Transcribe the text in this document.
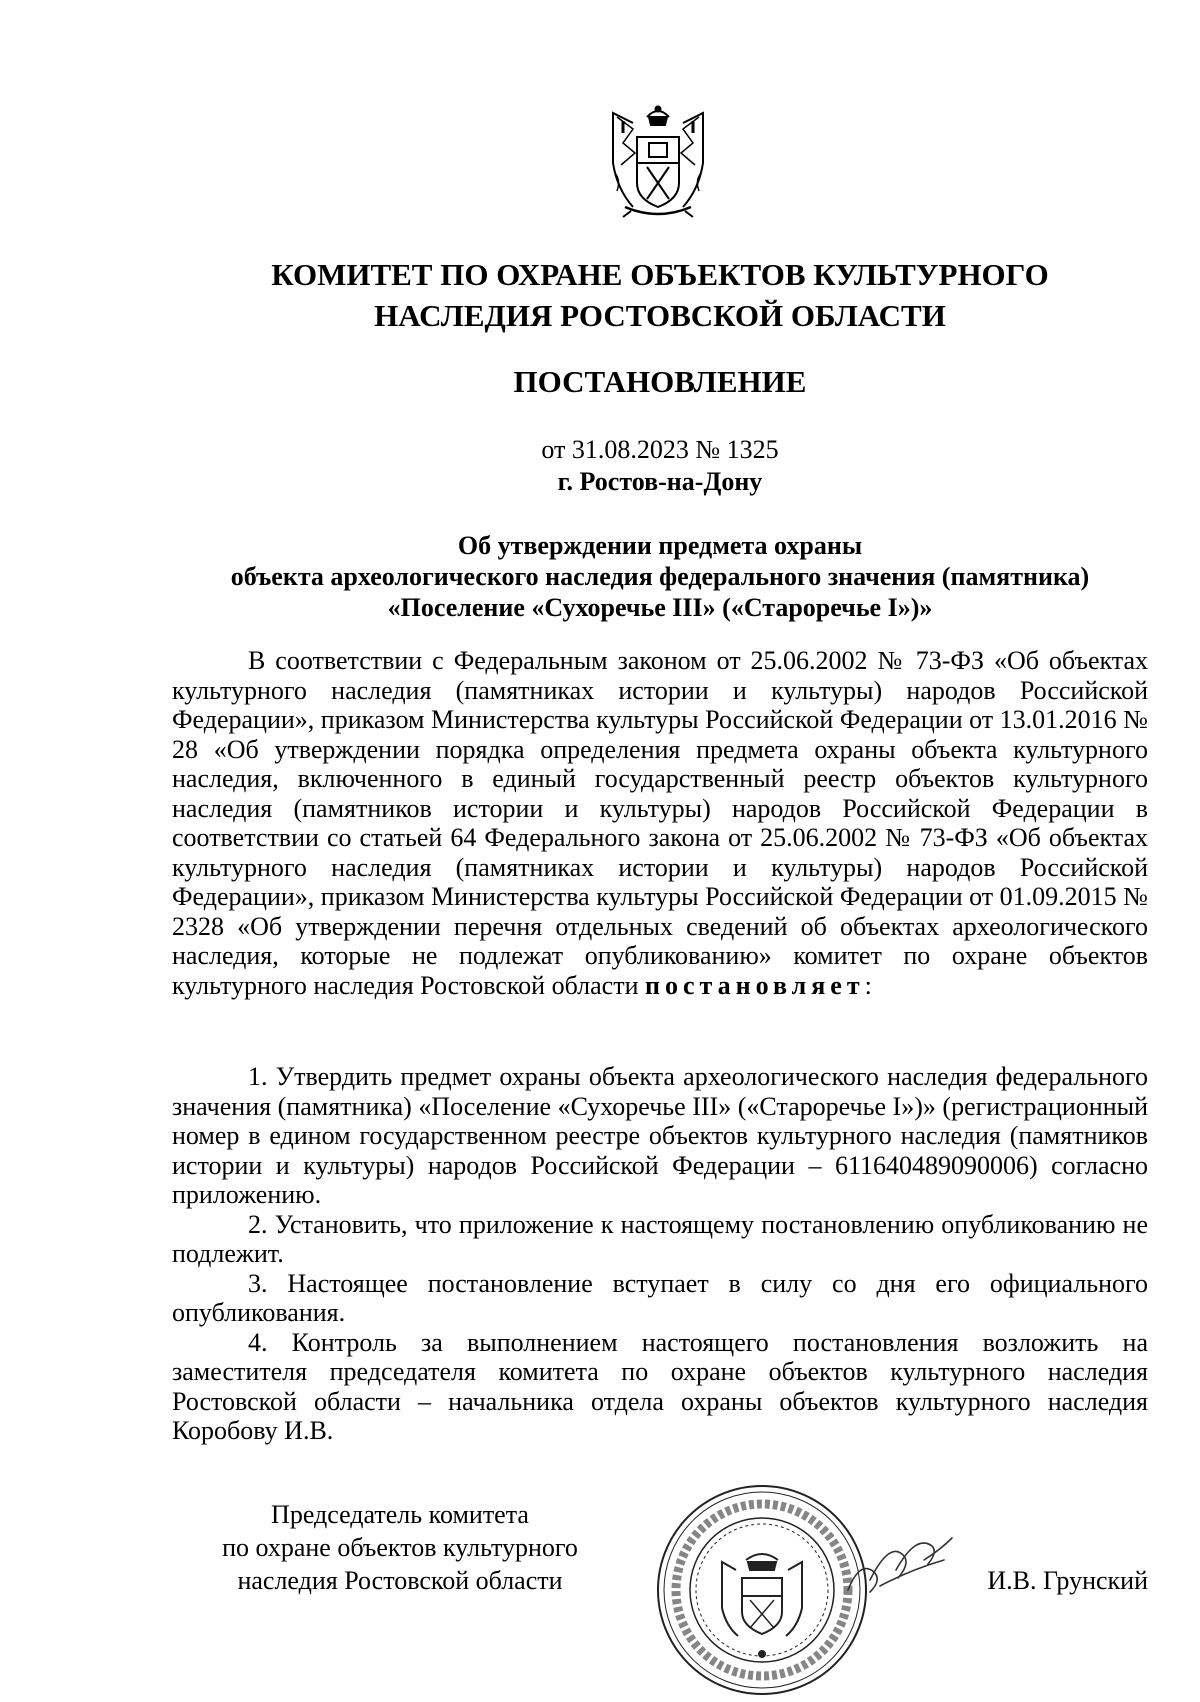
КОМИТЕТ ПО ОХРАНЕ ОБЪЕКТОВ КУЛЬТУРНОГО
НАСЛЕДИЯ РОСТОВСКОЙ ОБЛАСТИ
ПОСТАНОВЛЕНИЕ
от 31.08.2023 № 1325
г. Ростов-на-Дону
Об утверждении предмета охраны
объекта археологического наследия федерального значения (памятника)
«Поселение «Сухоречье III» («Староречье I»)»

В соответствии с Федеральным законом от 25.06.2002 № 73-ФЗ «Об объектах культурного наследия (памятниках истории и культуры) народов Российской Федерации», приказом Министерства культуры Российской Федерации от 13.01.2016 № 28 «Об утверждении порядка определения предмета охраны объекта культурного наследия, включенного в единый государственный реестр объектов культурного наследия (памятников истории и культуры) народов Российской Федерации в соответствии со статьей 64 Федерального закона от 25.06.2002 № 73-ФЗ «Об объектах культурного наследия (памятниках истории и культуры) народов Российской Федерации», приказом Министерства культуры Российской Федерации от 01.09.2015 № 2328 «Об утверждении перечня отдельных сведений об объектах археологического наследия, которые не подлежат опубликованию» комитет по охране объектов культурного наследия Ростовской области постановляет:

1. Утвердить предмет охраны объекта археологического наследия федерального значения (памятника) «Поселение «Сухоречье III» («Староречье I»)» (регистрационный номер в едином государственном реестре объектов культурного наследия (памятников истории и культуры) народов Российской Федерации – 611640489090006) согласно приложению.

2. Установить, что приложение к настоящему постановлению опубликованию не подлежит.

3. Настоящее постановление вступает в силу со дня его официального опубликования.

4. Контроль за выполнением настоящего постановления возложить на заместителя председателя комитета по охране объектов культурного наследия Ростовской области – начальника отдела охраны объектов культурного наследия Коробову И.В.

Председатель комитета
по охране объектов культурного
наследия Ростовской области	И.В. Грунский
